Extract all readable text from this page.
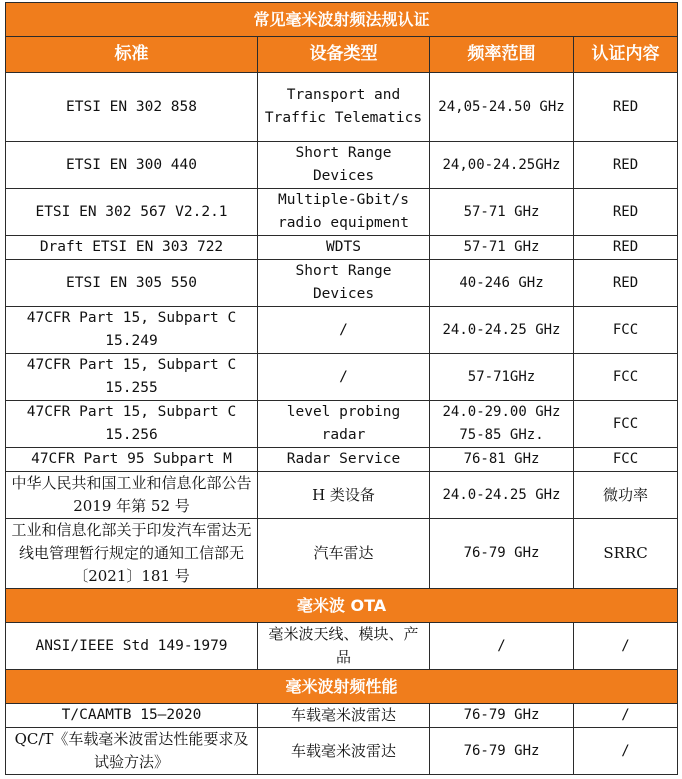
常见毫米波射频法规认证			
标准	设备类型	频率范围	认证内容
ETSI EN 302 858	Transport and Traffic Telematics	24,05-24.50 GHz	RED
ETSI EN 300 440	Short Range Devices	24,00-24.25GHz	RED
ETSI EN 302 567 V2.2.1	Multiple-Gbit/s radio equipment	57-71 GHz	RED
Draft ETSI EN 303 722	WDTS	57-71 GHz	RED
ETSI EN 305 550	Short Range Devices	40-246 GHz	RED
47CFR Part 15, Subpart C 15.249	/	24.0-24.25 GHz	FCC
47CFR Part 15, Subpart C 15.255	/	57-71GHz	FCC
47CFR Part 15, Subpart C 15.256	level probing radar	24.0-29.00 GHz 75-85 GHz.	FCC
47CFR Part 95 Subpart M	Radar Service	76-81 GHz	FCC
中华人民共和国工业和信息化部公告 2019 年第 52 号	H 类设备	24.0-24.25 GHz	微功率
工业和信息化部关于印发汽车雷达无线电管理暂行规定的通知工信部无〔2021〕181 号	汽车雷达	76-79 GHz	SRRC
毫米波 OTA			
ANSI/IEEE Std 149-1979	毫米波天线、模块、产品	/	/
毫米波射频性能			
T/CAAMTB 15—2020	车载毫米波雷达	76-79 GHz	/
QC/T《车载毫米波雷达性能要求及试验方法》	车载毫米波雷达	76-79 GHz	/
